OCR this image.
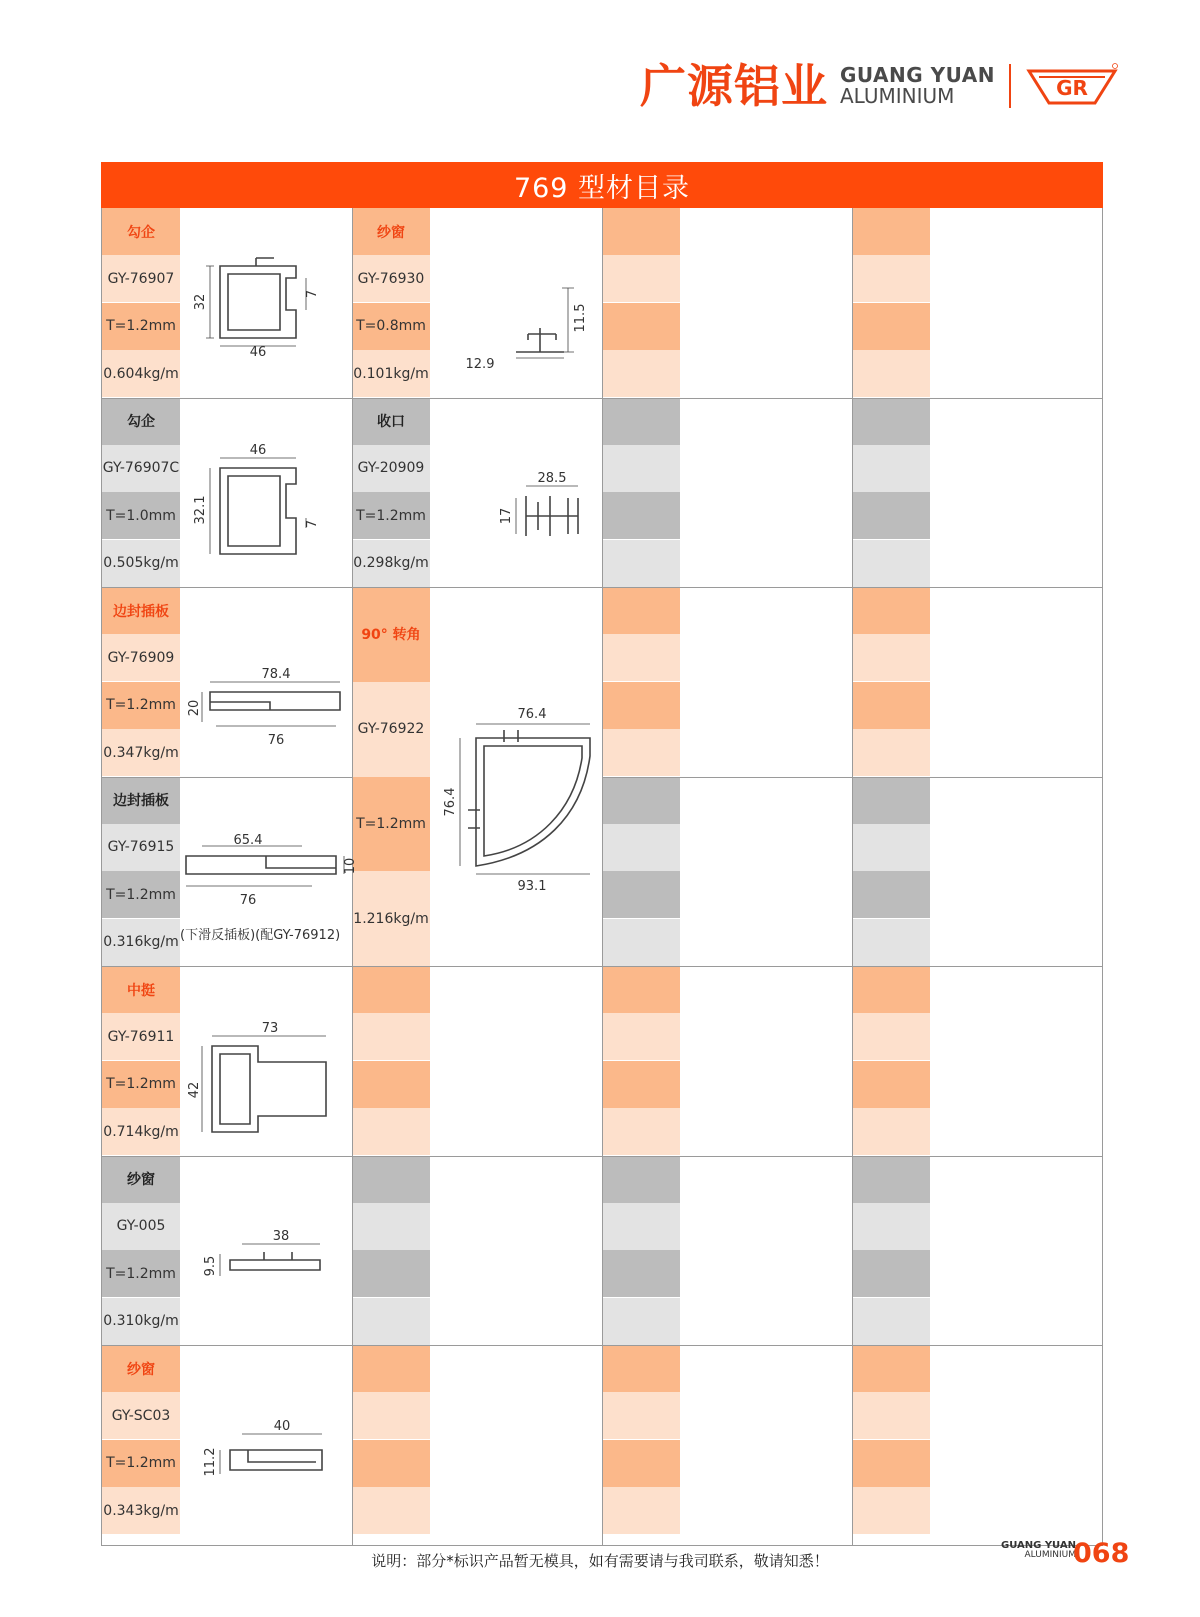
广源铝业 GUANG YUAN
ALUMINIUM	GR
769 型材目录
勾企
GY-76907
T=1.2mm
0.604kg/m
纱窗
GY-76930
T=0.8mm
0.101kg/m
勾企
GY-76907C
T=1.0mm
0.505kg/m
收口
GY-20909
T=1.2mm
0.298kg/m
边封插板
GY-76909
T=1.2mm
0.347kg/m
边封插板
GY-76915
T=1.2mm
0.316kg/m
中挺
GY-76911
T=1.2mm
0.714kg/m
纱窗
GY-005
T=1.2mm
0.310kg/m
纱窗
GY-SC03
T=1.2mm
0.343kg/m
90° 转角
GY-76922
T=1.2mm
1.216kg/m
32	7
46
11.5
12.9
46
32.1	7
28.5
17
78.4
20
76
76.4
76.4
93.1
65.4
10
76
(下滑反插板)(配GY-76912)
73
42
38
9.5
40
11.2
说明：部分*标识产品暂无模具，如有需要请与我司联系，敬请知悉！
GUANG YUAN
ALUMINIUM
068
